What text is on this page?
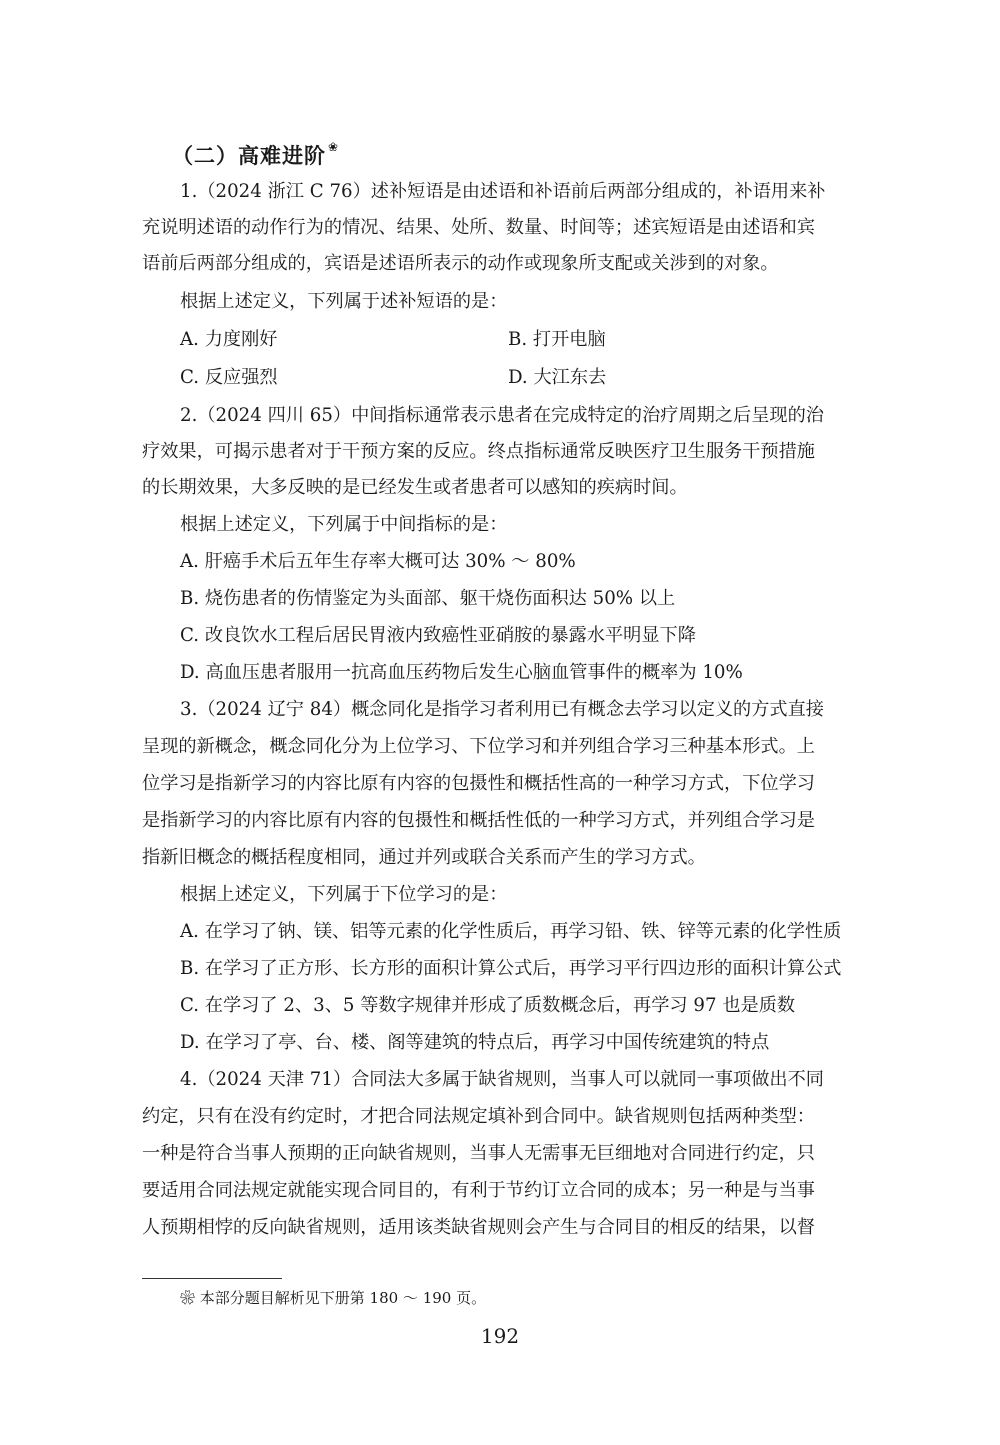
（二）高难进阶 ❀
1.（2024 浙江 C 76）述补短语是由述语和补语前后两部分组成的，补语用来补
充说明述语的动作行为的情况、结果、处所、数量、时间等；述宾短语是由述语和宾
语前后两部分组成的，宾语是述语所表示的动作或现象所支配或关涉到的对象。
根据上述定义，下列属于述补短语的是：
A. 力度刚好	B. 打开电脑
C. 反应强烈	D. 大江东去
2.（2024 四川 65）中间指标通常表示患者在完成特定的治疗周期之后呈现的治
疗效果，可揭示患者对于干预方案的反应。终点指标通常反映医疗卫生服务干预措施
的长期效果，大多反映的是已经发生或者患者可以感知的疾病时间。
根据上述定义，下列属于中间指标的是：
A. 肝癌手术后五年生存率大概可达 30% ～ 80%
B. 烧伤患者的伤情鉴定为头面部、躯干烧伤面积达 50% 以上
C. 改良饮水工程后居民胃液内致癌性亚硝胺的暴露水平明显下降
D. 高血压患者服用一抗高血压药物后发生心脑血管事件的概率为 10%
3.（2024 辽宁 84）概念同化是指学习者利用已有概念去学习以定义的方式直接
呈现的新概念，概念同化分为上位学习、下位学习和并列组合学习三种基本形式。上
位学习是指新学习的内容比原有内容的包摄性和概括性高的一种学习方式，下位学习
是指新学习的内容比原有内容的包摄性和概括性低的一种学习方式，并列组合学习是
指新旧概念的概括程度相同，通过并列或联合关系而产生的学习方式。
根据上述定义，下列属于下位学习的是：
A. 在学习了钠、镁、铝等元素的化学性质后，再学习铅、铁、锌等元素的化学性质
B. 在学习了正方形、长方形的面积计算公式后，再学习平行四边形的面积计算公式
C. 在学习了 2、3、5 等数字规律并形成了质数概念后，再学习 97 也是质数
D. 在学习了亭、台、楼、阁等建筑的特点后，再学习中国传统建筑的特点
4.（2024 天津 71）合同法大多属于缺省规则，当事人可以就同一事项做出不同
约定，只有在没有约定时，才把合同法规定填补到合同中。缺省规则包括两种类型：
一种是符合当事人预期的正向缺省规则，当事人无需事无巨细地对合同进行约定，只
要适用合同法规定就能实现合同目的，有利于节约订立合同的成本；另一种是与当事
人预期相悖的反向缺省规则，适用该类缺省规则会产生与合同目的相反的结果，以督
❀ 本部分题目解析见下册第 180 ～ 190 页。
192
